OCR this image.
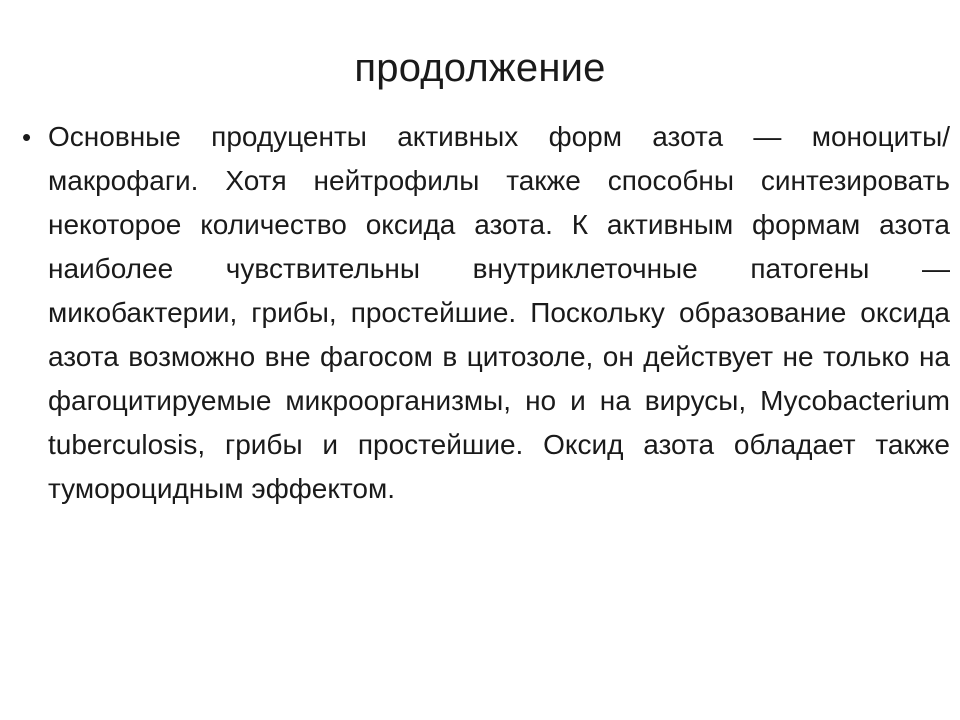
продолжение
• Основные продуценты активных форм азота — моноциты/макрофаги. Хотя нейтрофилы также способны синтезировать некоторое количество оксида азота. К активным формам азота наиболее чувствительны внутриклеточные патогены — микобактерии, грибы, простейшие. Поскольку образование оксида азота возможно вне фагосом в цитозоле, он действует не только на фагоцитируемые микроорганизмы, но и на вирусы, Mycobacterium tuberculosis, грибы и простейшие. Оксид азота обладает также тумороцидным эффектом.
